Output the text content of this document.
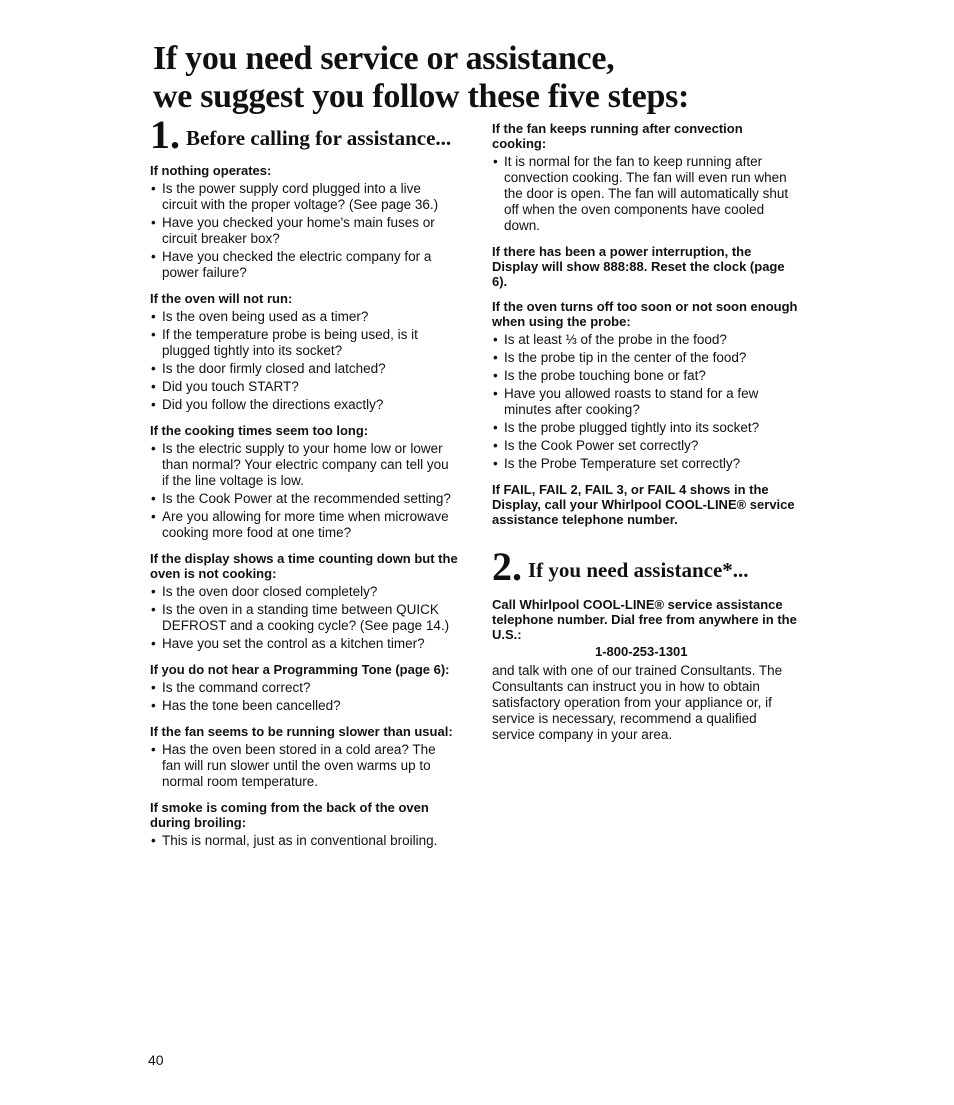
If you need service or assistance,
we suggest you follow these five steps:
1. Before calling for assistance...
If nothing operates:
• Is the power supply cord plugged into a live circuit with the proper voltage? (See page 36.)
• Have you checked your home's main fuses or circuit breaker box?
• Have you checked the electric company for a power failure?
If the oven will not run:
• Is the oven being used as a timer?
• If the temperature probe is being used, is it plugged tightly into its socket?
• Is the door firmly closed and latched?
• Did you touch START?
• Did you follow the directions exactly?
If the cooking times seem too long:
• Is the electric supply to your home low or lower than normal? Your electric company can tell you if the line voltage is low.
• Is the Cook Power at the recommended setting?
• Are you allowing for more time when microwave cooking more food at one time?
If the display shows a time counting down but the oven is not cooking:
• Is the oven door closed completely?
• Is the oven in a standing time between QUICK DEFROST and a cooking cycle? (See page 14.)
• Have you set the control as a kitchen timer?
If you do not hear a Programming Tone (page 6):
• Is the command correct?
• Has the tone been cancelled?
If the fan seems to be running slower than usual:
• Has the oven been stored in a cold area? The fan will run slower until the oven warms up to normal room temperature.
If smoke is coming from the back of the oven during broiling:
• This is normal, just as in conventional broiling.
If the fan keeps running after convection cooking:
• It is normal for the fan to keep running after convection cooking. The fan will even run when the door is open. The fan will automatically shut off when the oven components have cooled down.
If there has been a power interruption, the Display will show 888:88. Reset the clock (page 6).
If the oven turns off too soon or not soon enough when using the probe:
• Is at least ⅓ of the probe in the food?
• Is the probe tip in the center of the food?
• Is the probe touching bone or fat?
• Have you allowed roasts to stand for a few minutes after cooking?
• Is the probe plugged tightly into its socket?
• Is the Cook Power set correctly?
• Is the Probe Temperature set correctly?
If FAIL, FAIL 2, FAIL 3, or FAIL 4 shows in the Display, call your Whirlpool COOL-LINE® service assistance telephone number.
2. If you need assistance*...
Call Whirlpool COOL-LINE® service assistance telephone number. Dial free from anywhere in the U.S.:
1-800-253-1301
and talk with one of our trained Consultants. The Consultants can instruct you in how to obtain satisfactory operation from your appliance or, if service is necessary, recommend a qualified service company in your area.
40
